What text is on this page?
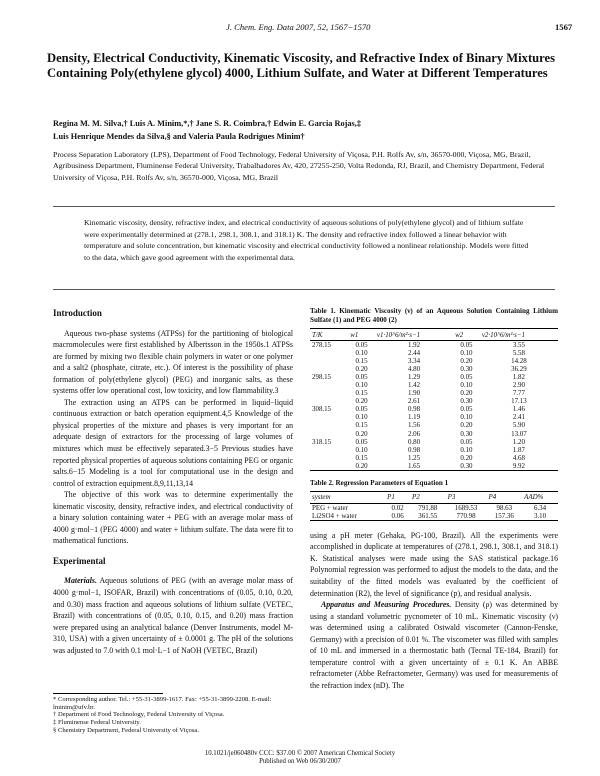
J. Chem. Eng. Data 2007, 52, 1567−1570	1567
Density, Electrical Conductivity, Kinematic Viscosity, and Refractive Index of Binary Mixtures Containing Poly(ethylene glycol) 4000, Lithium Sulfate, and Water at Different Temperatures
Regina M. M. Silva,† Luis A. Minim,*,† Jane S. R. Coimbra,† Edwin E. Garcia Rojas,‡
Luis Henrique Mendes da Silva,§ and Valeria Paula Rodrigues Minim†
Process Separation Laboratory (LPS), Department of Food Technology, Federal University of Viçosa, P.H. Rolfs Av, s/n, 36570-000, Viçosa, MG, Brazil, Agribusiness Department, Fluminense Federal University, Trabalhadores Av, 420, 27255-250, Volta Redonda, RJ, Brazil, and Chemistry Department, Federal University of Viçosa, P.H. Rolfs Av, s/n, 36570-000, Viçosa, MG, Brazil
Kinematic viscosity, density, refractive index, and electrical conductivity of aqueous solutions of poly(ethylene glycol) and of lithium sulfate were experimentally determined at (278.1, 298.1, 308.1, and 318.1) K. The density and refractive index followed a linear behavior with temperature and solute concentration, but kinematic viscosity and electrical conductivity followed a nonlinear relationship. Models were fitted to the data, which gave good agreement with the experimental data.
Introduction

Aqueous two-phase systems (ATPSs) for the partitioning of biological macromolecules were first established by Albertsson in the 1950s.1 ATPSs are formed by mixing two flexible chain polymers in water or one polymer and a salt2 (phosphate, citrate, etc.). Of interest is the possibility of phase formation of poly(ethylene glycol) (PEG) and inorganic salts, as these systems offer low operational cost, low toxicity, and low flammability.3

The extraction using an ATPS can be performed in liquid−liquid continuous extraction or batch operation equipment.4,5 Knowledge of the physical properties of the mixture and phases is very important for an adequate design of extractors for the processing of large volumes of mixtures which must be effectively separated.3−5 Previous studies have reported physical properties of aqueous solutions containing PEG or organic salts.6−15 Modeling is a tool for computational use in the design and control of extraction equipment.8,9,11,13,14

The objective of this work was to determine experimentally the kinematic viscosity, density, refractive index, and electrical conductivity of a binary solution containing water + PEG with an average molar mass of 4000 g·mol−1 (PEG 4000) and water + lithium sulfate. The data were fit to mathematical functions.

Experimental

Materials. Aqueous solutions of PEG (with an average molar mass of 4000 g·mol−1, ISOFAR, Brazil) with concentrations of (0.05, 0.10, 0.20, and 0.30) mass fraction and aqueous solutions of lithium sulfate (VETEC, Brazil) with concentrations of (0.05, 0.10, 0.15, and 0.20) mass fraction were prepared using an analytical balance (Denver Instruments, model M-310, USA) with a given uncertainty of ± 0.0001 g. The pH of the solutions was adjusted to 7.0 with 0.1 mol·L−1 of NaOH (VETEC, Brazil)

* Corresponding author. Tel.: +55-31-3899-1617. Fax: +55-31-3899-2208. E-mail: lminim@ufv.br.
† Department of Food Technology, Federal University of Viçosa.
‡ Fluminense Federal University.
§ Chemistry Department, Federal University of Viçosa.
Table 1. Kinematic Viscosity (ν) of an Aqueous Solution Containing Lithium Sulfate (1) and PEG 4000 (2)
T/K	w1	ν1·10^6/m²·s−1	w2	ν2·10^6/m²·s−1
278.15	0.05	1.92	0.05	3.55
	0.10	2.44	0.10	5.58
	0.15	3.34	0.20	14.28
	0.20	4.80	0.30	36.29
298.15	0.05	1.29	0.05	1.82
	0.10	1.42	0.10	2.90
	0.15	1.90	0.20	7.77
	0.20	2.61	0.30	17.13
308.15	0.05	0.98	0.05	1.46
	0.10	1.19	0.10	2.41
	0.15	1.56	0.20	5.90
	0.20	2.06	0.30	13.07
318.15	0.05	0.80	0.05	1.20
	0.10	0.98	0.10	1.87
	0.15	1.25	0.20	4.68
	0.20	1.65	0.30	9.92
Table 2. Regression Parameters of Equation 1
system	P1	P2	P3	P4	AAD%
PEG + water	0.02	791.88	1689.53	98.63	6.34
Li2SO4 + water	0.06	361.55	770.98	157.36	3.10

using a pH meter (Gehaka, PG-100, Brazil). All the experiments were accomplished in duplicate at temperatures of (278.1, 298.1, 308.1, and 318.1) K. Statistical analyses were made using the SAS statistical package.16 Polynomial regression was performed to adjust the models to the data, and the suitability of the fitted models was evaluated by the coefficient of determination (R2), the level of significance (p), and residual analysis.

Apparatus and Measuring Procedures. Density (ρ) was determined by using a standard volumetric pycnometer of 10 mL. Kinematic viscosity (ν) was determined using a calibrated Ostwald viscometer (Cannon-Fenske, Germany) with a precision of 0.01 %. The viscometer was filled with samples of 10 mL and immersed in a thermostatic bath (Tecnal TE-184, Brazil) for temperature control with a given uncertainty of ± 0.1 K. An ABBE refractometer (Abbe Refractometer, Germany) was used for measurements of the refraction index (nD). The

10.1021/je060480v CCC: $37.00 © 2007 American Chemical Society
Published on Web 06/30/2007
